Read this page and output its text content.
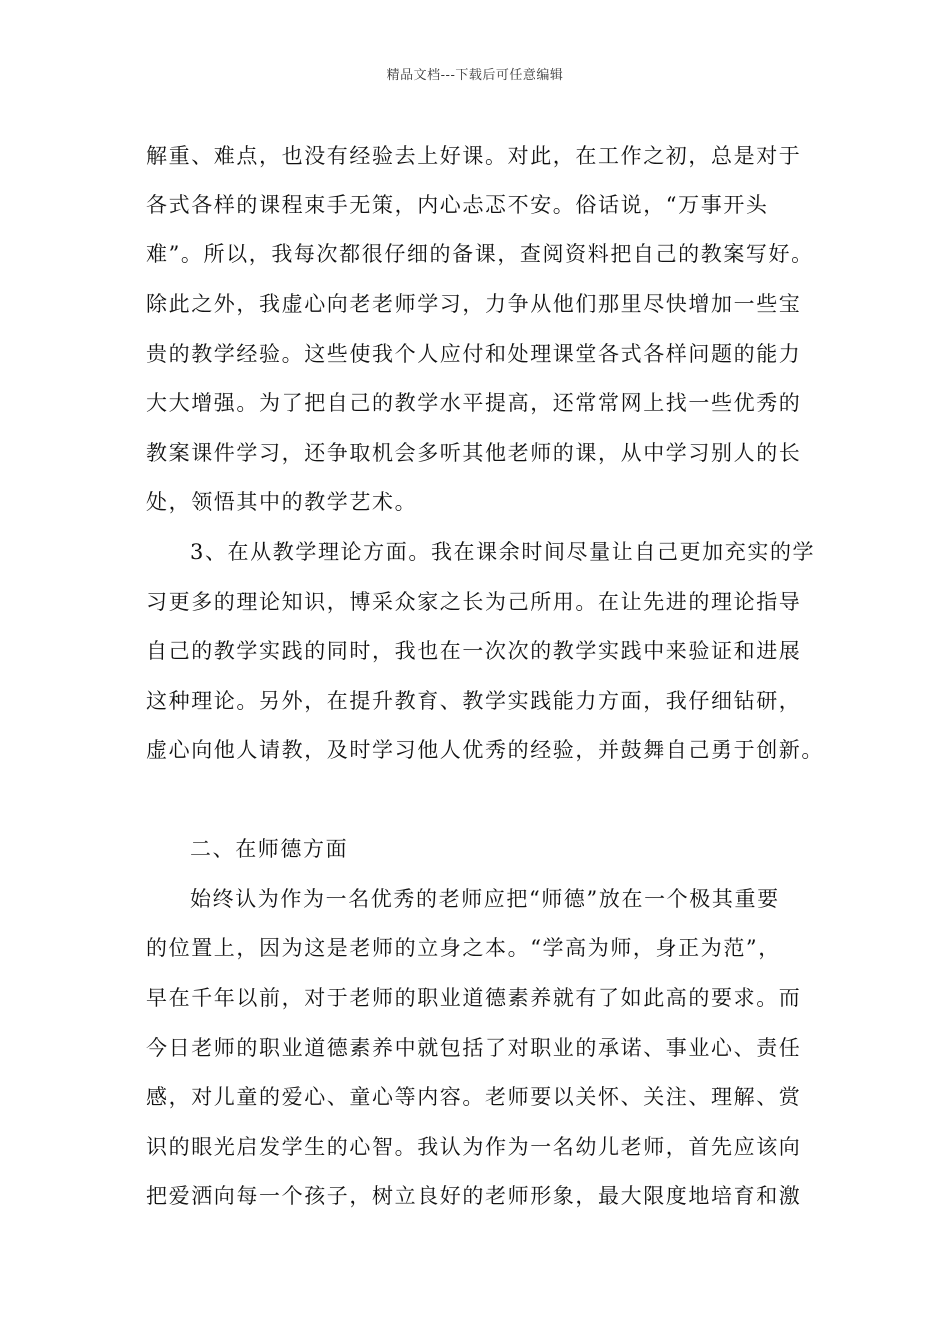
精品文档---下载后可任意编辑
解重、难点，也没有经验去上好课。对此，在工作之初，总是对于
各式各样的课程束手无策，内心忐忑不安。俗话说，“万事开头
难”。所以，我每次都很仔细的备课，查阅资料把自己的教案写好。
除此之外，我虚心向老老师学习，力争从他们那里尽快增加一些宝
贵的教学经验。这些使我个人应付和处理课堂各式各样问题的能力
大大增强。为了把自己的教学水平提高，还常常网上找一些优秀的
教案课件学习，还争取机会多听其他老师的课，从中学习别人的长
处，领悟其中的教学艺术。
3、在从教学理论方面。我在课余时间尽量让自己更加充实的学
习更多的理论知识，博采众家之长为己所用。在让先进的理论指导
自己的教学实践的同时，我也在一次次的教学实践中来验证和进展
这种理论。另外，在提升教育、教学实践能力方面，我仔细钻研，
虚心向他人请教，及时学习他人优秀的经验，并鼓舞自己勇于创新。
二、在师德方面
始终认为作为一名优秀的老师应把“师德”放在一个极其重要
的位置上，因为这是老师的立身之本。“学高为师，身正为范”，
早在千年以前，对于老师的职业道德素养就有了如此高的要求。而
今日老师的职业道德素养中就包括了对职业的承诺、事业心、责任
感，对儿童的爱心、童心等内容。老师要以关怀、关注、理解、赏
识的眼光启发学生的心智。我认为作为一名幼儿老师，首先应该向
把爱洒向每一个孩子，树立良好的老师形象，最大限度地培育和激
